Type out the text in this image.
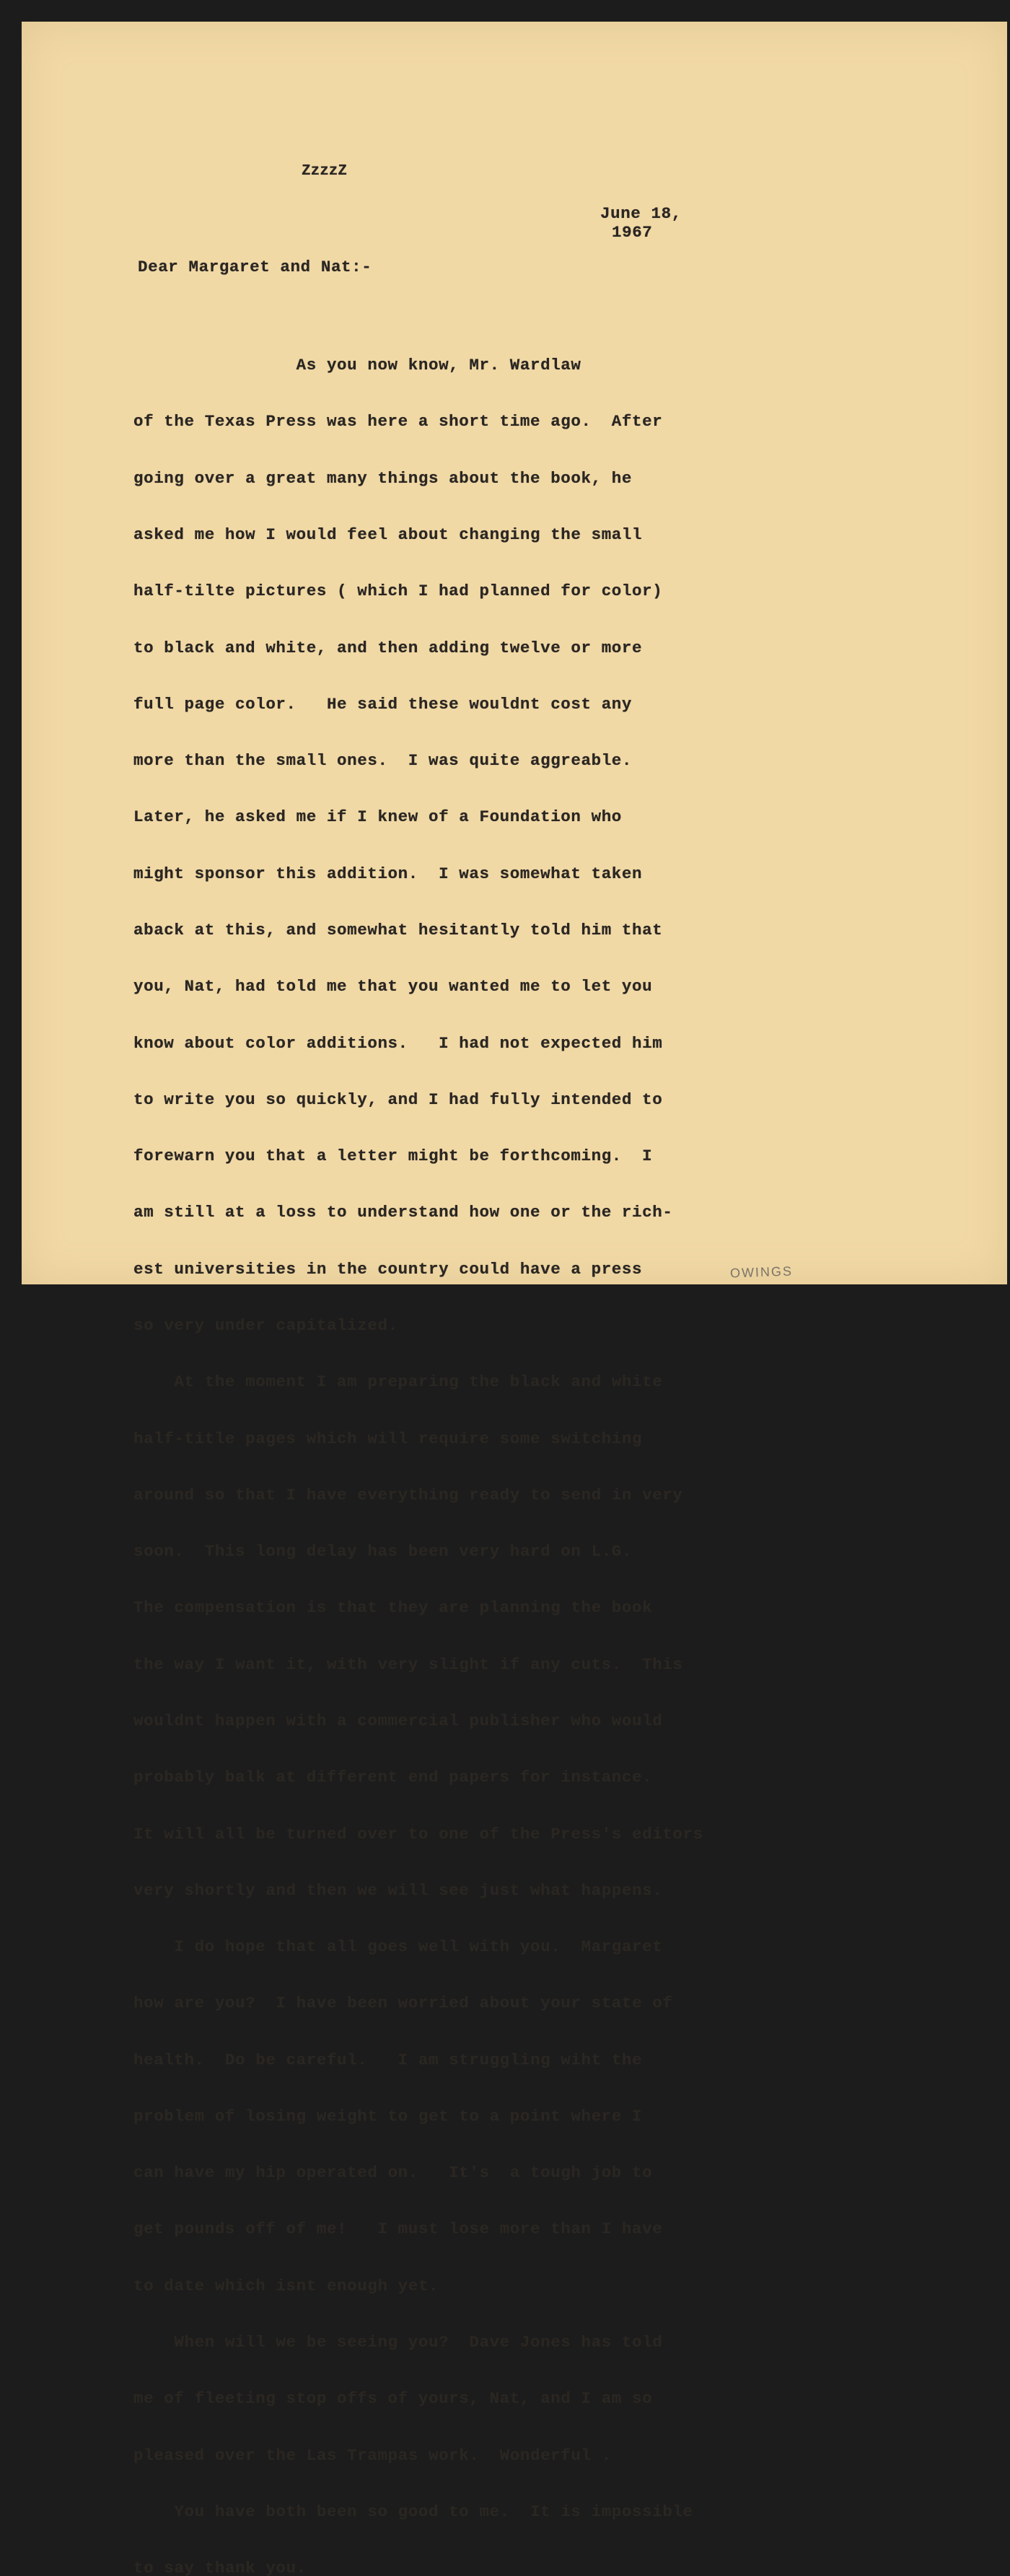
ZzzzZ
June 18,
1967
Dear Margaret and Nat:-

As you now know, Mr. Wardlaw

of the Texas Press was here a short time ago.  After

going over a great many things about the book, he

asked me how I would feel about changing the small

half-tilte pictures ( which I had planned for color)

to black and white, and then adding twelve or more

full page color.   He said these wouldnt cost any

more than the small ones.  I was quite aggreable.

Later, he asked me if I knew of a Foundation who

might sponsor this addition.  I was somewhat taken

aback at this, and somewhat hesitantly told him that

you, Nat, had told me that you wanted me to let you

know about color additions.   I had not expected him

to write you so quickly, and I had fully intended to

forewarn you that a letter might be forthcoming.  I

am still at a loss to understand how one or the rich-

est universities in the country could have a press

so very under capitalized.

At the moment I am preparing the black and white

half-title pages which will require some switching

around so that I have everything ready to send in very

soon.  This long delay has been very hard on L.G.

The compensation is that they are planning the book

the way I want it, with very slight if any cuts.  This

wouldnt happen with a commercial publisher who would

probably balk at different end papers for instance.

It will all be turned over to one of the Press's editors

very shortly and then we will see just what happens.

I do hope that all goes well with you.  Margaret

how are you?  I have been worried about your state of

health.  Do be careful.   I am struggling wiht the

problem of losing weight to get to a point where I

can have my hip operated on.   It's  a tough job to

get pounds off of me!   I must lose more than I have

to date which isnt enough yet.

When will we be seeing you?  Dave Jones has told

me of fleeting stop offs of yours, Nat, and I am so

pleased over the Las Trampas work.  Wonderful .

You have both been so good to me.  It is impossible

to say thank you.

OWINGS
